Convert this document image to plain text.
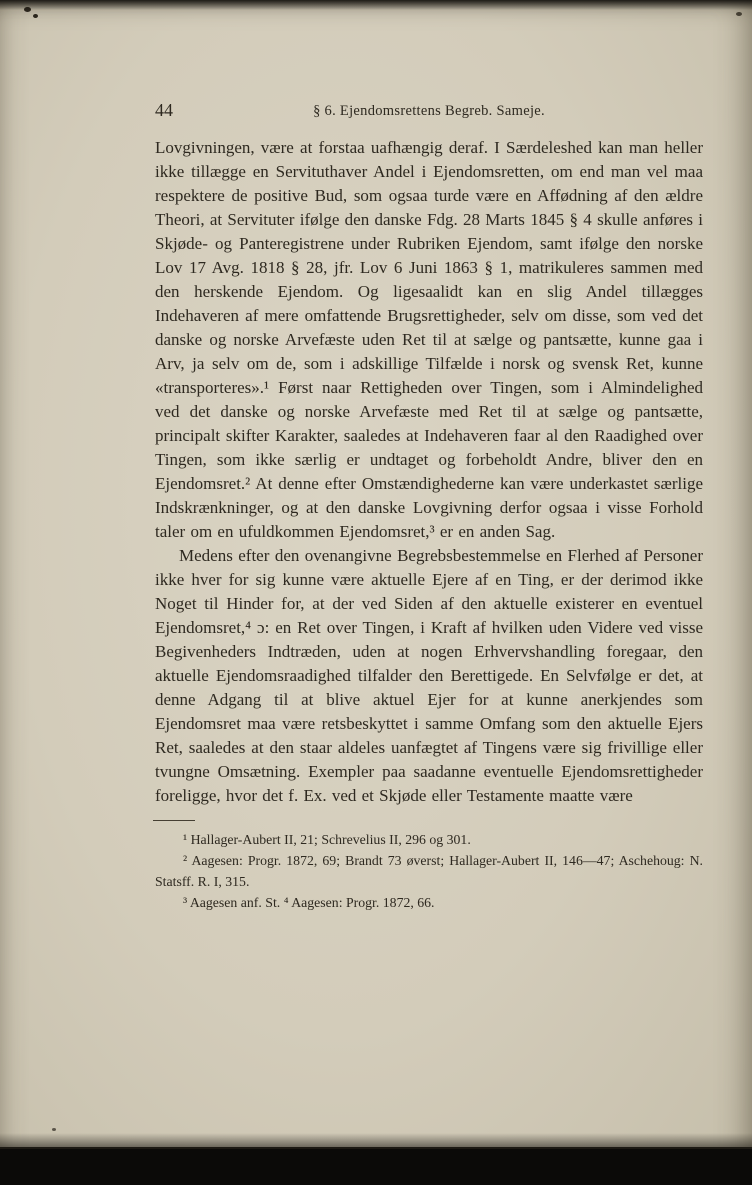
44	§ 6. Ejendomsrettens Begreb. Sameje.

Lovgivningen, være at forstaa uafhængig deraf. I Særdeleshed kan man heller ikke tillægge en Servituthaver Andel i Ejendomsretten, om end man vel maa respektere de positive Bud, som ogsaa turde være en Affødning af den ældre Theori, at Servituter ifølge den danske Fdg. 28 Marts 1845 § 4 skulle anføres i Skjøde- og Panteregistrene under Rubriken Ejendom, samt ifølge den norske Lov 17 Avg. 1818 § 28, jfr. Lov 6 Juni 1863 § 1, matrikuleres sammen med den herskende Ejendom. Og ligesaalidt kan en slig Andel tillægges Indehaveren af mere omfattende Brugsrettigheder, selv om disse, som ved det danske og norske Arvefæste uden Ret til at sælge og pantsætte, kunne gaa i Arv, ja selv om de, som i adskillige Tilfælde i norsk og svensk Ret, kunne «transporteres».¹ Først naar Rettigheden over Tingen, som i Almindelighed ved det danske og norske Arvefæste med Ret til at sælge og pantsætte, principalt skifter Karakter, saaledes at Indehaveren faar al den Raadighed over Tingen, som ikke særlig er undtaget og forbeholdt Andre, bliver den en Ejendomsret.² At denne efter Omstændighederne kan være underkastet særlige Indskrænkninger, og at den danske Lovgivning derfor ogsaa i visse Forhold taler om en ufuldkommen Ejendomsret,³ er en anden Sag.

Medens efter den ovenangivne Begrebsbestemmelse en Flerhed af Personer ikke hver for sig kunne være aktuelle Ejere af en Ting, er der derimod ikke Noget til Hinder for, at der ved Siden af den aktuelle existerer en eventuel Ejendomsret,⁴ ɔ: en Ret over Tingen, i Kraft af hvilken uden Videre ved visse Begivenheders Indtræden, uden at nogen Erhvervshandling foregaar, den aktuelle Ejendomsraadighed tilfalder den Berettigede. En Selvfølge er det, at denne Adgang til at blive aktuel Ejer for at kunne anerkjendes som Ejendomsret maa være retsbeskyttet i samme Omfang som den aktuelle Ejers Ret, saaledes at den staar aldeles uanfægtet af Tingens være sig frivillige eller tvungne Omsætning. Exempler paa saadanne eventuelle Ejendomsrettigheder foreligge, hvor det f. Ex. ved et Skjøde eller Testamente maatte være

¹ Hallager-Aubert II, 21; Schrevelius II, 296 og 301.

² Aagesen: Progr. 1872, 69; Brandt 73 øverst; Hallager-Aubert II, 146—47; Aschehoug: N. Statsff. R. I, 315.

³ Aagesen anf. St. ⁴ Aagesen: Progr. 1872, 66.
